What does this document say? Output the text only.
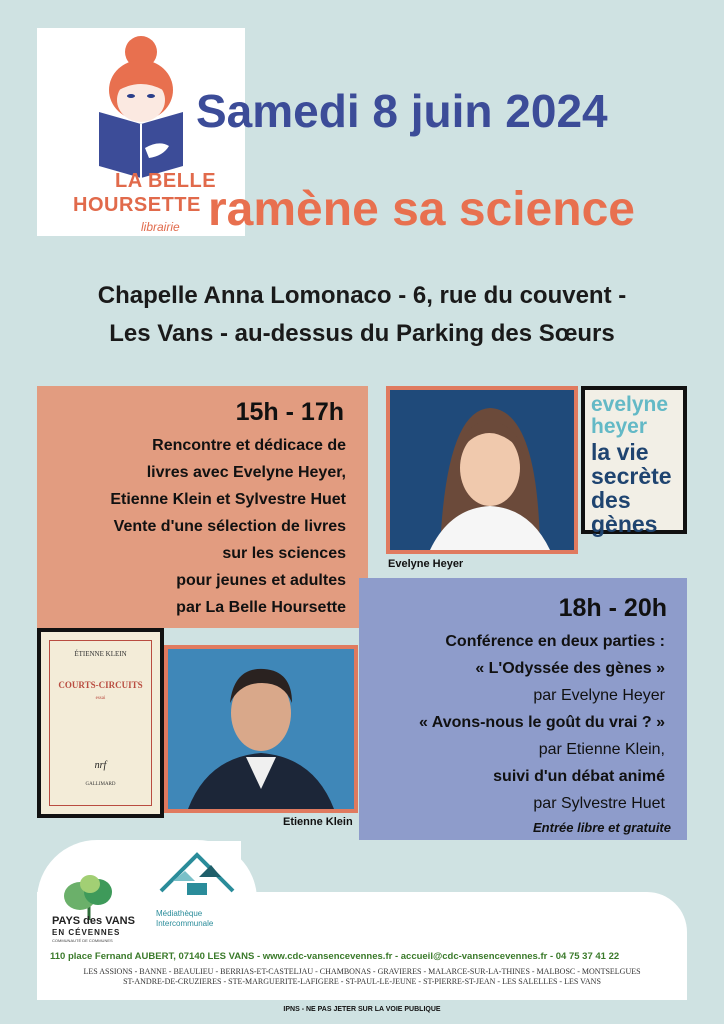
LA BELLE
HOURSETTE
librairie
Samedi 8 juin 2024
ramène sa science
Chapelle Anna Lomonaco - 6, rue du couvent -
Les Vans - au-dessus du Parking des Sœurs
15h - 17h
Rencontre et dédicace de
livres avec Evelyne Heyer,
Etienne Klein et Sylvestre Huet
Vente d'une sélection de livres
sur les sciences
pour jeunes et adultes
par La Belle Hoursette
Evelyne Heyer
evelyne
heyer
la vie
secrète
des
gènes
18h - 20h
Conférence en deux parties :
« L'Odyssée des gènes »
par Evelyne Heyer
« Avons-nous le goût du vrai ? »
par Etienne Klein,
suivi d'un débat animé
par Sylvestre Huet
Entrée libre et gratuite
ÉTIENNE KLEIN
COURTS-CIRCUITS
essai
nrf
GALLIMARD
Etienne Klein
PAYS des VANS
EN CÉVENNES
COMMUNAUTÉ DE COMMUNES
Médiathèque
Intercommunale
110 place Fernand AUBERT, 07140 LES VANS - www.cdc-vansencevennes.fr - accueil@cdc-vansencevennes.fr - 04 75 37 41 22
LES ASSIONS - BANNE - BEAULIEU - BERRIAS-ET-CASTELJAU - CHAMBONAS - GRAVIERES - MALARCE-SUR-LA-THINES - MALBOSC - MONTSELGUES
ST-ANDRE-DE-CRUZIERES - STE-MARGUERITE-LAFIGERE - ST-PAUL-LE-JEUNE - ST-PIERRE-ST-JEAN - LES SALELLES - LES VANS
IPNS - NE PAS JETER SUR LA VOIE PUBLIQUE
